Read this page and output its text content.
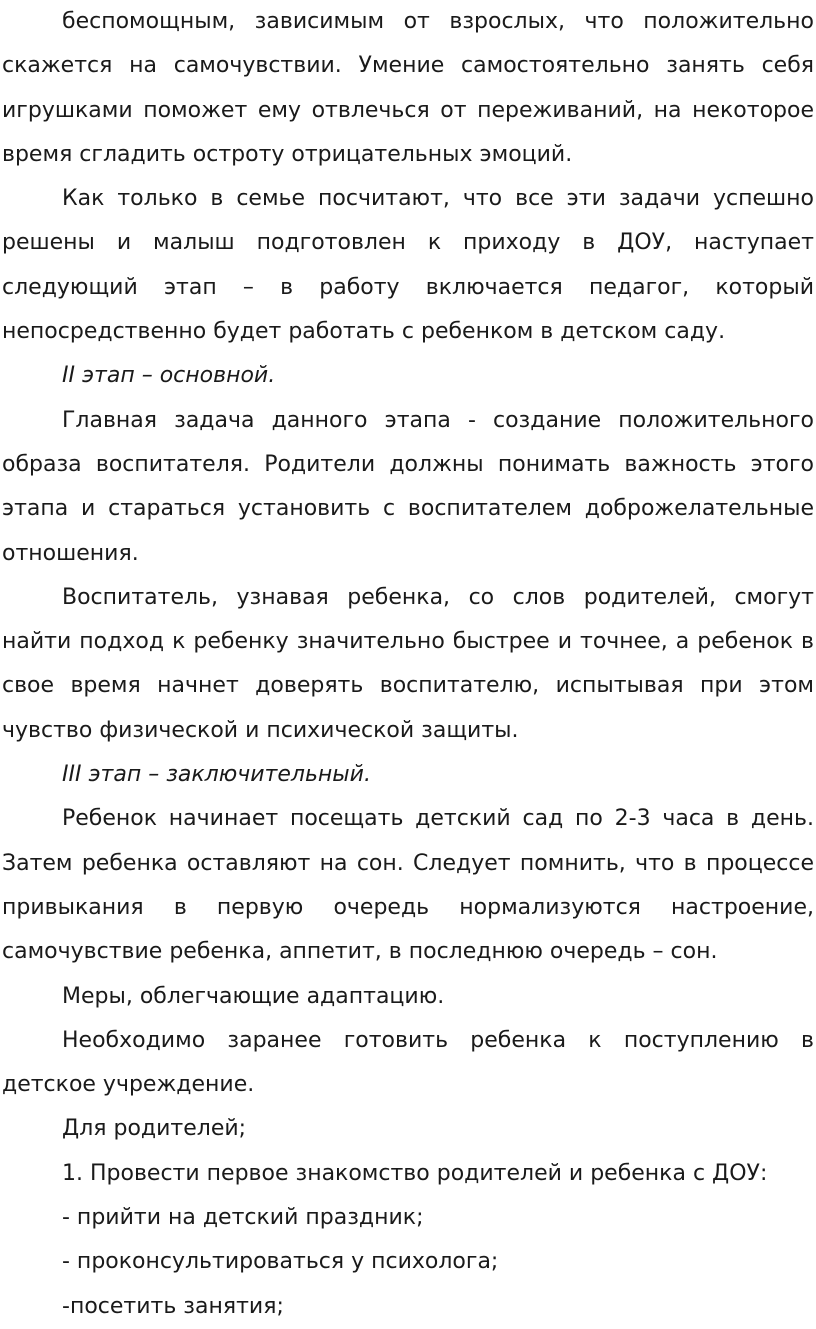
беспомощным, зависимым от взрослых, что положительно скажется на самочувствии. Умение самостоятельно занять себя игрушками поможет ему отвлечься от переживаний, на некоторое время сгладить остроту отрицательных эмоций.

Как только в семье посчитают, что все эти задачи успешно решены и малыш подготовлен к приходу в ДОУ, наступает следующий этап – в работу включается педагог, который непосредственно будет работать с ребенком в детском саду.

II этап – основной.

Главная задача данного этапа - создание положительного образа воспитателя. Родители должны понимать важность этого этапа и стараться установить с воспитателем доброжелательные отношения.

Воспитатель, узнавая ребенка, со слов родителей, смогут найти подход к ребенку значительно быстрее и точнее, а ребенок в свое время начнет доверять воспитателю, испытывая при этом чувство физической и психической защиты.

III этап – заключительный.

Ребенок начинает посещать детский сад по 2-3 часа в день. Затем ребенка оставляют на сон. Следует помнить, что в процессе привыкания в первую очередь нормализуются настроение, самочувствие ребенка, аппетит, в последнюю очередь – сон.

Меры, облегчающие адаптацию.

Необходимо заранее готовить ребенка к поступлению в детское учреждение.

Для родителей;

1. Провести первое знакомство родителей и ребенка с ДОУ:

- прийти на детский праздник;

- проконсультироваться у психолога;

-посетить занятия;
